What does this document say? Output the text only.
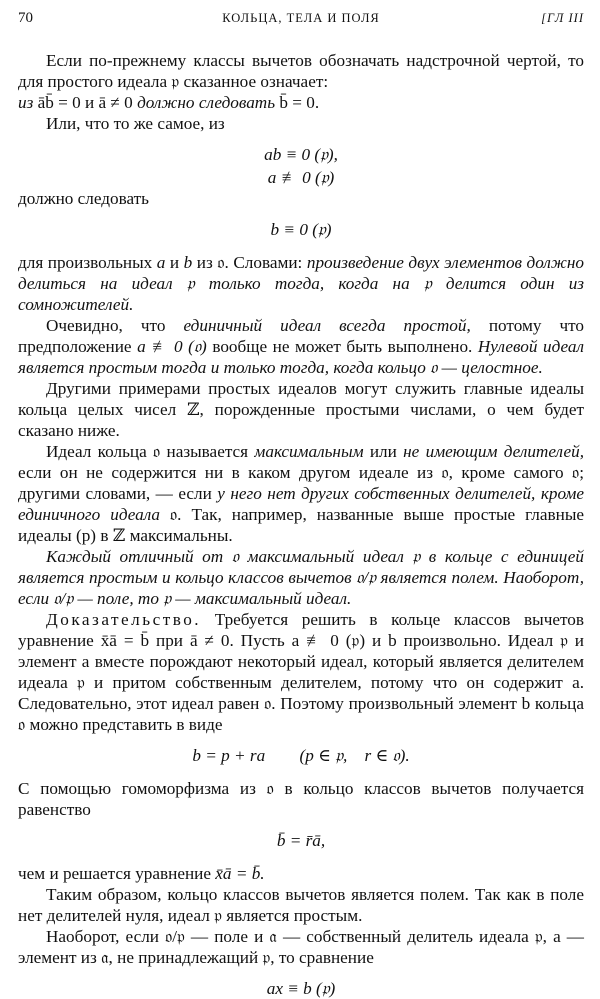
70	КОЛЬЦА, ТЕЛА И ПОЛЯ	[ГЛ III

Если по-прежнему классы вычетов обозначать надстрочной чертой, то для простого идеала 𝔭 сказанное означает:
из āb̄ = 0 и ā ≠ 0 должно следовать b̄ = 0.

Или, что то же самое, из

ab ≡ 0 (𝔭),

a ≢ 0 (𝔭)

должно следовать

b ≡ 0 (𝔭)

для произвольных a и b из 𝔬. Словами: произведение двух элементов должно делиться на идеал 𝔭 только тогда, когда на 𝔭 делится один из сомножителей.

Очевидно, что единичный идеал всегда простой, потому что предположение a ≢ 0 (𝔬) вообще не может быть выполнено. Нулевой идеал является простым тогда и только тогда, когда кольцо 𝔬 — целостное.

Другими примерами простых идеалов могут служить главные идеалы кольца целых чисел ℤ, порожденные простыми числами, о чем будет сказано ниже.

Идеал кольца 𝔬 называется максимальным или не имеющим делителей, если он не содержится ни в каком другом идеале из 𝔬, кроме самого 𝔬; другими словами, — если у него нет других собственных делителей, кроме единичного идеала 𝔬. Так, например, названные выше простые главные идеалы (p) в ℤ максимальны.

Каждый отличный от 𝔬 максимальный идеал 𝔭 в кольце с единицей является простым и кольцо классов вычетов 𝔬/𝔭 является полем. Наоборот, если 𝔬/𝔭 — поле, то 𝔭 — максимальный идеал.

Доказательство. Требуется решить в кольце классов вычетов уравнение x̄ā = b̄ при ā ≠ 0. Пусть a ≢ 0 (𝔭) и b произвольно. Идеал 𝔭 и элемент a вместе порождают некоторый идеал, который является делителем идеала 𝔭 и притом собственным делителем, потому что он содержит a. Следовательно, этот идеал равен 𝔬. Поэтому произвольный элемент b кольца 𝔬 можно представить в виде

b = p + ra        (p ∈ 𝔭,    r ∈ 𝔬).

С помощью гомоморфизма из 𝔬 в кольцо классов вычетов получается равенство

b̄ = r̄ā,

чем и решается уравнение x̄ā = b̄.

Таким образом, кольцо классов вычетов является полем. Так как в поле нет делителей нуля, идеал 𝔭 является простым.

Наоборот, если 𝔬/𝔭 — поле и 𝔞 — собственный делитель идеала 𝔭, a — элемент из 𝔞, не принадлежащий 𝔭, то сравнение

ax ≡ b (𝔭)
